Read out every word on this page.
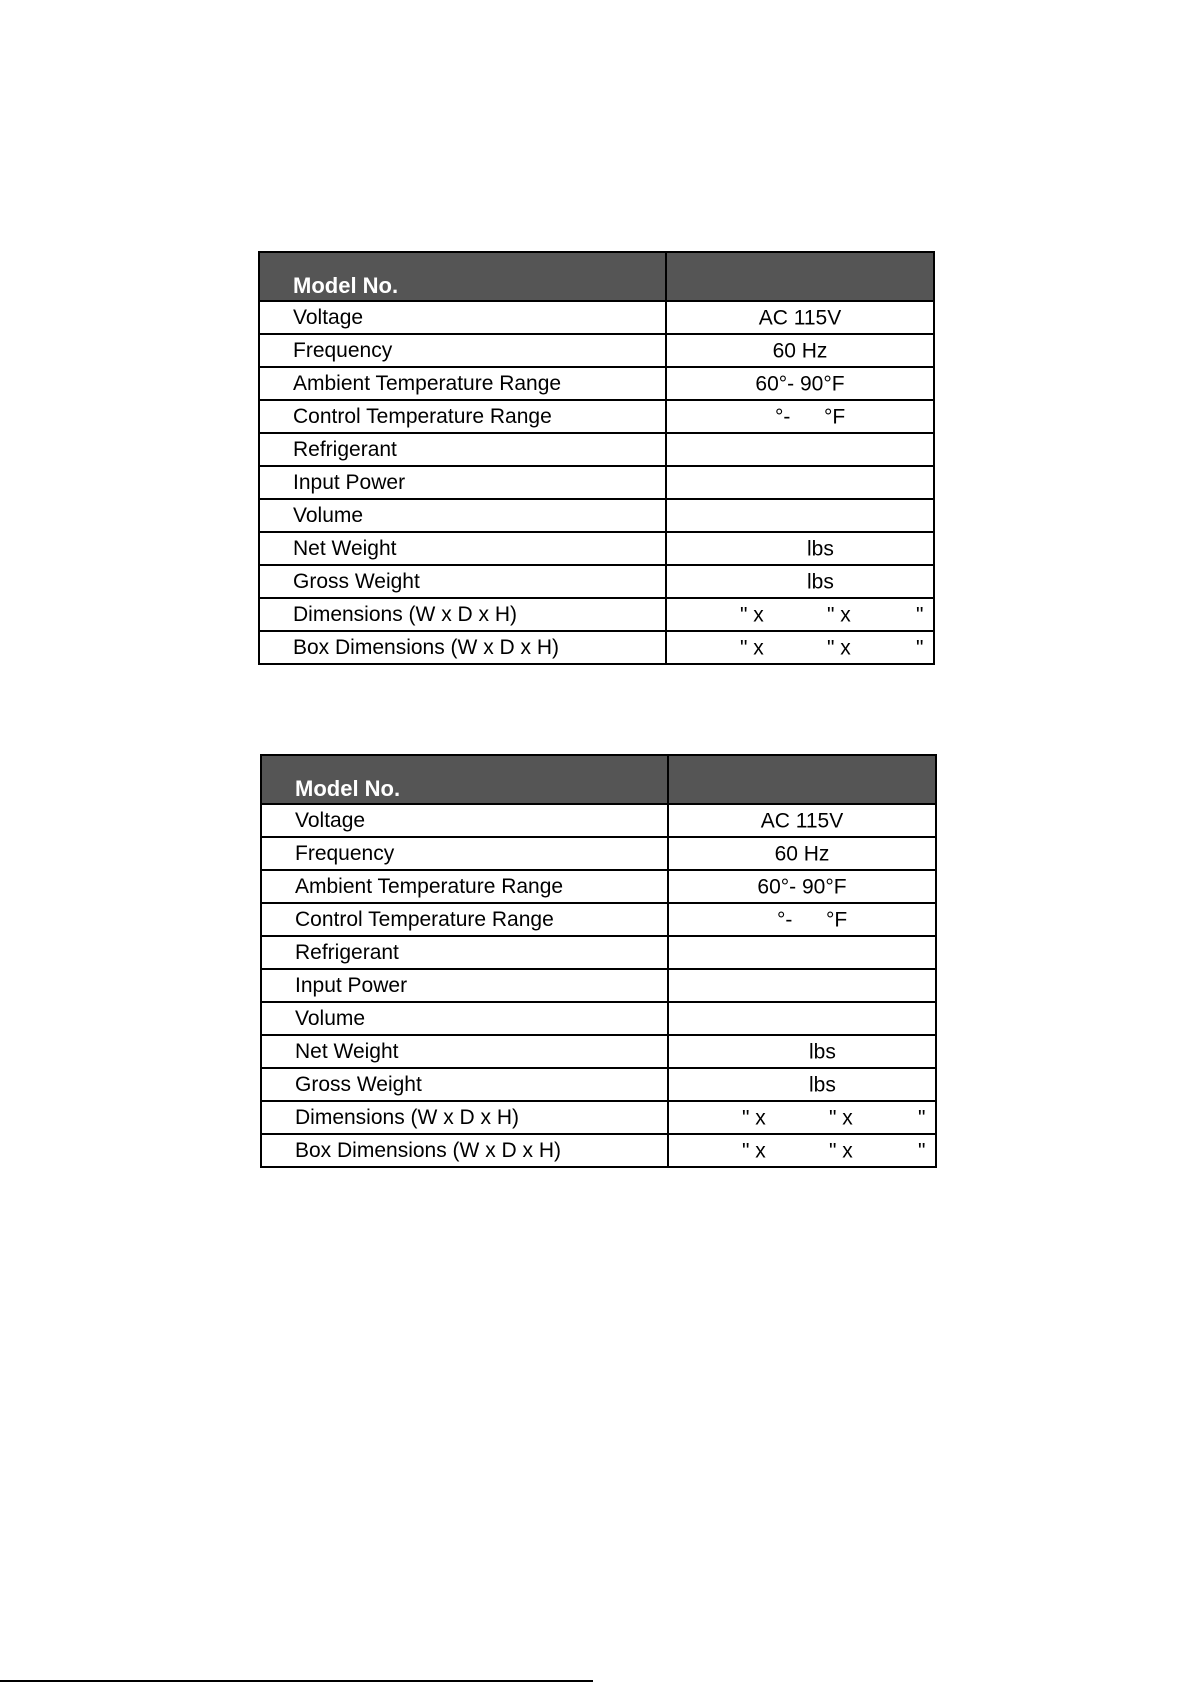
Model No.	
Voltage	AC 115V

Frequency	60 Hz

Ambient Temperature Range	60°- 90°F

Control Temperature Range	°- °F

Refrigerant	

Input Power	

Volume	

Net Weight	lbs

Gross Weight	lbs

Dimensions (W x D x H)	" x " x "

Box Dimensions (W x D x H)	" x " x "
Model No.	
Voltage	AC 115V

Frequency	60 Hz

Ambient Temperature Range	60°- 90°F

Control Temperature Range	°- °F

Refrigerant	

Input Power	

Volume	

Net Weight	lbs

Gross Weight	lbs

Dimensions (W x D x H)	" x " x "

Box Dimensions (W x D x H)	" x " x "
